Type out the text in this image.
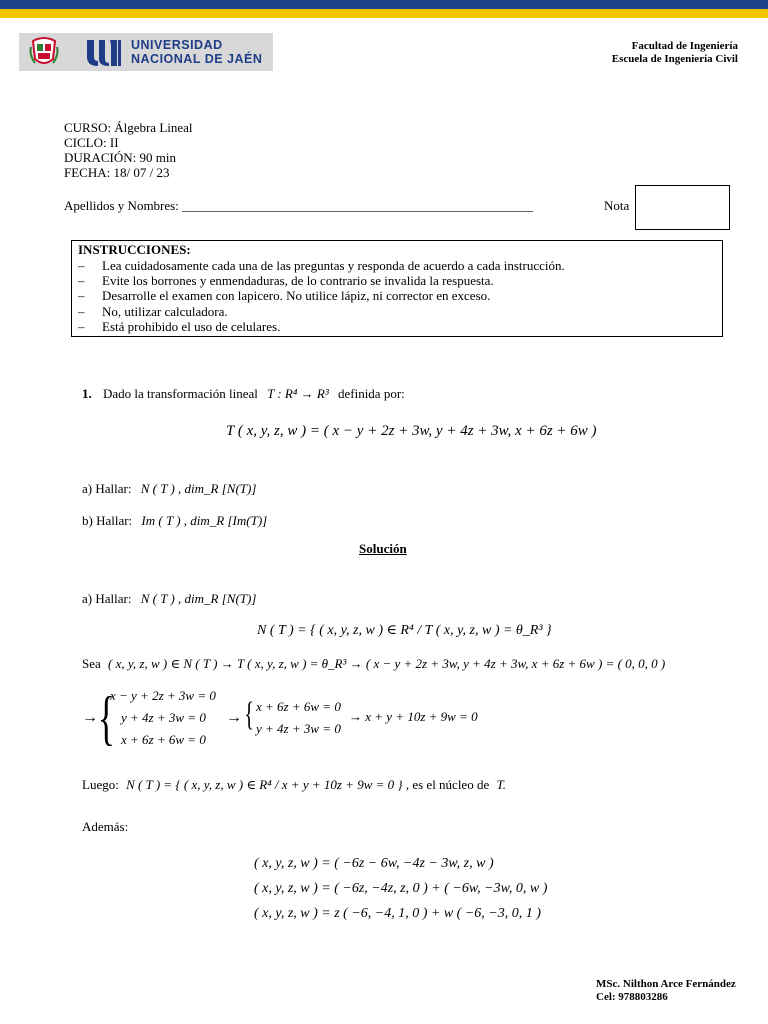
UNIVERSIDAD
NACIONAL DE JAÉN
Facultad de Ingeniería
Escuela de Ingeniería Civil
CURSO: Álgebra Lineal
CICLO: II
DURACIÓN: 90 min
FECHA: 18/ 07 / 23
Apellidos y Nombres: ______________________________________________________	Nota
INSTRUCCIONES:
– Lea cuidadosamente cada una de las preguntas y responda de acuerdo a cada instrucción.
– Evite los borrones y enmendaduras, de lo contrario se invalida la respuesta.
– Desarrolle el examen con lapicero. No utilice lápiz, ni corrector en exceso.
– No, utilizar calculadora.
– Está prohibido el uso de celulares.
1. Dado la transformación lineal T : R⁴ → R³ definida por:
T ( x, y, z, w ) = ( x − y + 2z + 3w, y + 4z + 3w, x + 6z + 6w )
a) Hallar: N ( T ) , dim_R [N(T)]
b) Hallar: Im ( T ) , dim_R [Im(T)]
Solución
a) Hallar: N ( T ) , dim_R [N(T)]
N ( T ) = { ( x, y, z, w ) ∈ R⁴ / T ( x, y, z, w ) = θ_R³ }
Sea ( x, y, z, w ) ∈ N ( T ) → T ( x, y, z, w ) = θ_R³ → ( x − y + 2z + 3w, y + 4z + 3w, x + 6z + 6w ) = ( 0, 0, 0 )
→ {
x − y + 2z + 3w = 0
y + 4z + 3w = 0
x + 6z + 6w = 0
→ { x + 6z + 6w = 0
y + 4z + 3w = 0
→ x + y + 10z + 9w = 0
Luego: N ( T ) = { ( x, y, z, w ) ∈ R⁴ / x + y + 10z + 9w = 0 } , es el núcleo de T.
Además:
( x, y, z, w ) = ( −6z − 6w, −4z − 3w, z, w )
( x, y, z, w ) = ( −6z, −4z, z, 0 ) + ( −6w, −3w, 0, w )
( x, y, z, w ) = z ( −6, −4, 1, 0 ) + w ( −6, −3, 0, 1 )
MSc. Nilthon Arce Fernández
Cel: 978803286
